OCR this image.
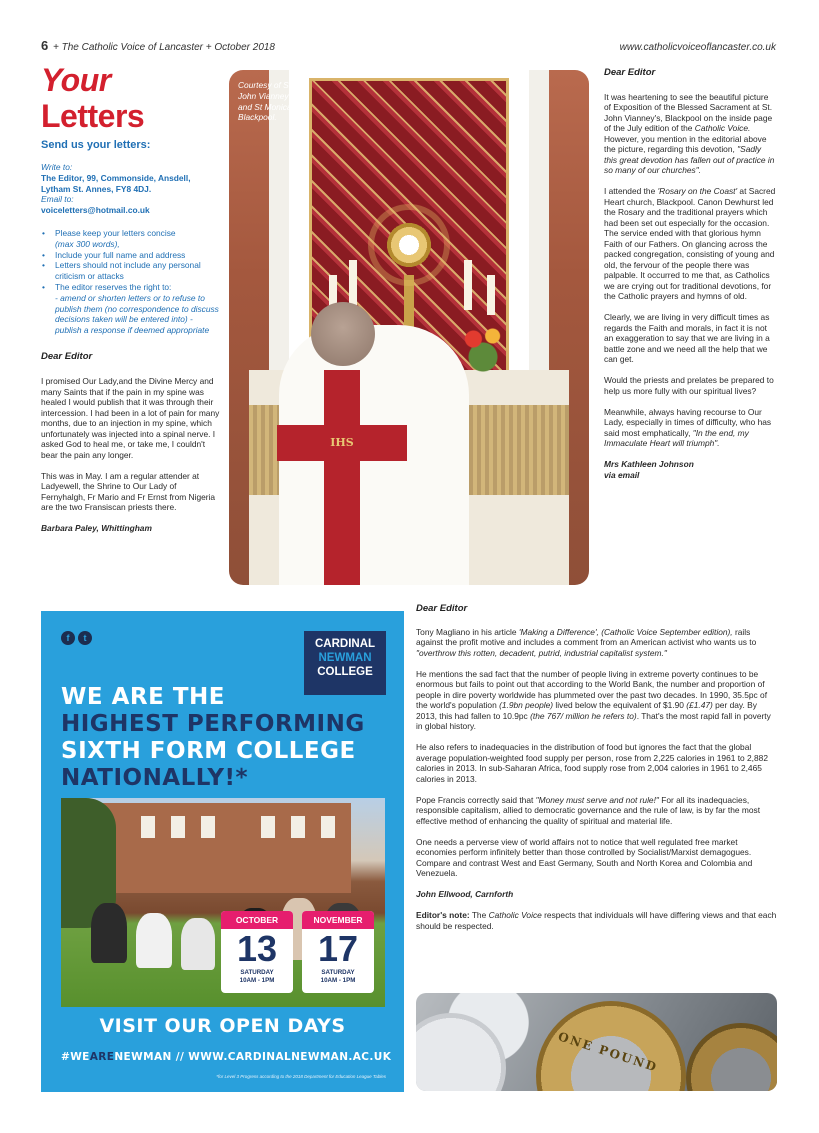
6 + The Catholic Voice of Lancaster + October 2018	www.catholicvoiceoflancaster.co.uk
Your Letters
Send us your letters:
Write to:
The Editor, 99, Commonside, Ansdell, Lytham St. Annes, FY8 4DJ.
Email to:
voiceletters@hotmail.co.uk
• Please keep your letters concise
(max 300 words),
• Include your full name and address
• Letters should not include any personal criticism or attacks
• The editor reserves the right to:
- amend or shorten letters or to refuse to publish them (no correspondence to discuss decisions taken will be entered into) - publish a response if deemed appropriate

Dear Editor

I promised Our Lady,and the Divine Mercy and many Saints that if the pain in my spine was healed I would publish that it was through their intercession. I had been in a lot of pain for many months, due to an injection in my spine, which unfortunately was injected into a spinal nerve. I asked God to heal me, or take me, I couldn't bear the pain any longer.

This was in May. I am a regular attender at Ladyewell, the Shrine to Our Lady of Fernyhalgh, Fr Mario and Fr Ernst from Nigeria are the two Fransiscan priests there.

Barbara Paley, Whittingham

IHS
Courtesy of St John Vianney and St Monica Blackpool.

Dear Editor

It was heartening to see the beautiful picture of Exposition of the Blessed Sacrament at St. John Vianney's, Blackpool on the inside page of the July edition of the Catholic Voice. However, you mention in the editorial above the picture, regarding this devotion, "Sadly this great devotion has fallen out of practice in so many of our churches".

I attended the 'Rosary on the Coast' at Sacred Heart church, Blackpool. Canon Dewhurst led the Rosary and the traditional prayers which had been set out especially for the occasion. The service ended with that glorious hymn Faith of our Fathers. On glancing across the packed congregation, consisting of young and old, the fervour of the people there was palpable. It occurred to me that, as Catholics we are crying out for traditional devotions, for the Catholic prayers and hymns of old.

Clearly, we are living in very difficult times as regards the Faith and morals, in fact it is not an exaggeration to say that we are living in a battle zone and we need all the help that we can get.

Would the priests and prelates be prepared to help us more fully with our spiritual lives?

Meanwhile, always having recourse to Our Lady, especially in times of difficulty, who has said most emphatically, "In the end, my Immaculate Heart will triumph".

Mrs Kathleen Johnson
via email

f	t	CARDINAL
NEWMAN
COLLEGE
WE ARE THE
HIGHEST PERFORMING
SIXTH FORM COLLEGE
NATIONALLY!*
OCTOBER
13
SATURDAY
10AM - 1PM
NOVEMBER
17
SATURDAY
10AM - 1PM
VISIT OUR OPEN DAYS
#WEARENEWMAN // WWW.CARDINALNEWMAN.AC.UK
*for Level 3 Progress according to the 2018 Department for Education League Tables

Dear Editor

Tony Magliano in his article 'Making a Difference', (Catholic Voice September edition), rails against the profit motive and includes a comment from an American activist who wants us to "overthrow this rotten, decadent, putrid, industrial capitalist system."

He mentions the sad fact that the number of people living in extreme poverty continues to be enormous but fails to point out that according to the World Bank, the number and proportion of people in dire poverty worldwide has plummeted over the past two decades. In 1990, 35.5pc of the world's population (1.9bn people) lived below the equivalent of $1.90 (£1.47) per day. By 2013, this had fallen to 10.9pc (the 767/ million he refers to). That's the most rapid fall in poverty in global history.

He also refers to inadequacies in the distribution of food but ignores the fact that the global average population-weighted food supply per person, rose from 2,225 calories in 1961 to 2,882 calories in 2013. In sub-Saharan Africa, food supply rose from 2,004 calories in 1961 to 2,465 calories in 2013.

Pope Francis correctly said that "Money must serve and not rule!" For all its inadequacies, responsible capitalism, allied to democratic governance and the rule of law, is by far the most effective method of enhancing the quality of spiritual and material life.

One needs a perverse view of world affairs not to notice that well regulated free market economies perform infinitely better than those controlled by Socialist/Marxist demagogues. Compare and contrast West and East Germany, South and North Korea and Colombia and Venezuela.

John Ellwood, Carnforth

Editor's note: The Catholic Voice respects that individuals will have differing views and that each should be respected.

ONE POUND
